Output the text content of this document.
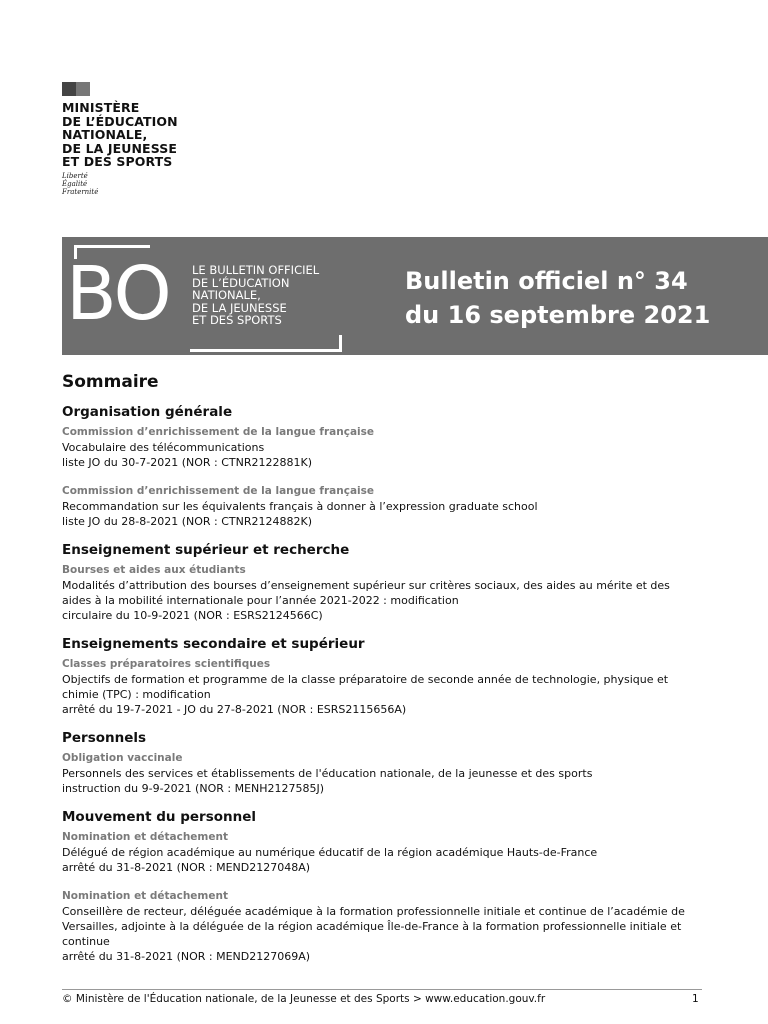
MINISTÈRE
DE L’ÉDUCATION
NATIONALE,
DE LA JEUNESSE
ET DES SPORTS
Liberté
Égalité
Fraternité
BO LE BULLETIN OFFICIEL
DE L’ÉDUCATION
NATIONALE,
DE LA JEUNESSE
ET DES SPORTS
Bulletin officiel n° 34
du 16 septembre 2021
Sommaire
Organisation générale
Commission d’enrichissement de la langue française
Vocabulaire des télécommunications
liste JO du 30-7-2021 (NOR : CTNR2122881K)
Commission d’enrichissement de la langue française
Recommandation sur les équivalents français à donner à l’expression graduate school
liste JO du 28-8-2021 (NOR : CTNR2124882K)
Enseignement supérieur et recherche
Bourses et aides aux étudiants
Modalités d’attribution des bourses d’enseignement supérieur sur critères sociaux, des aides au mérite et des aides à la mobilité internationale pour l’année 2021-2022 : modification
circulaire du 10-9-2021 (NOR : ESRS2124566C)
Enseignements secondaire et supérieur
Classes préparatoires scientifiques
Objectifs de formation et programme de la classe préparatoire de seconde année de technologie, physique et chimie (TPC) : modification
arrêté du 19-7-2021 - JO du 27-8-2021 (NOR : ESRS2115656A)
Personnels
Obligation vaccinale
Personnels des services et établissements de l'éducation nationale, de la jeunesse et des sports
instruction du 9-9-2021 (NOR : MENH2127585J)
Mouvement du personnel
Nomination et détachement
Délégué de région académique au numérique éducatif de la région académique Hauts-de-France
arrêté du 31-8-2021 (NOR : MEND2127048A)
Nomination et détachement
Conseillère de recteur, déléguée académique à la formation professionnelle initiale et continue de l’académie de Versailles, adjointe à la déléguée de la région académique Île-de-France à la formation professionnelle initiale et continue
arrêté du 31-8-2021 (NOR : MEND2127069A)
© Ministère de l'Éducation nationale, de la Jeunesse et des Sports > www.education.gouv.fr	1
